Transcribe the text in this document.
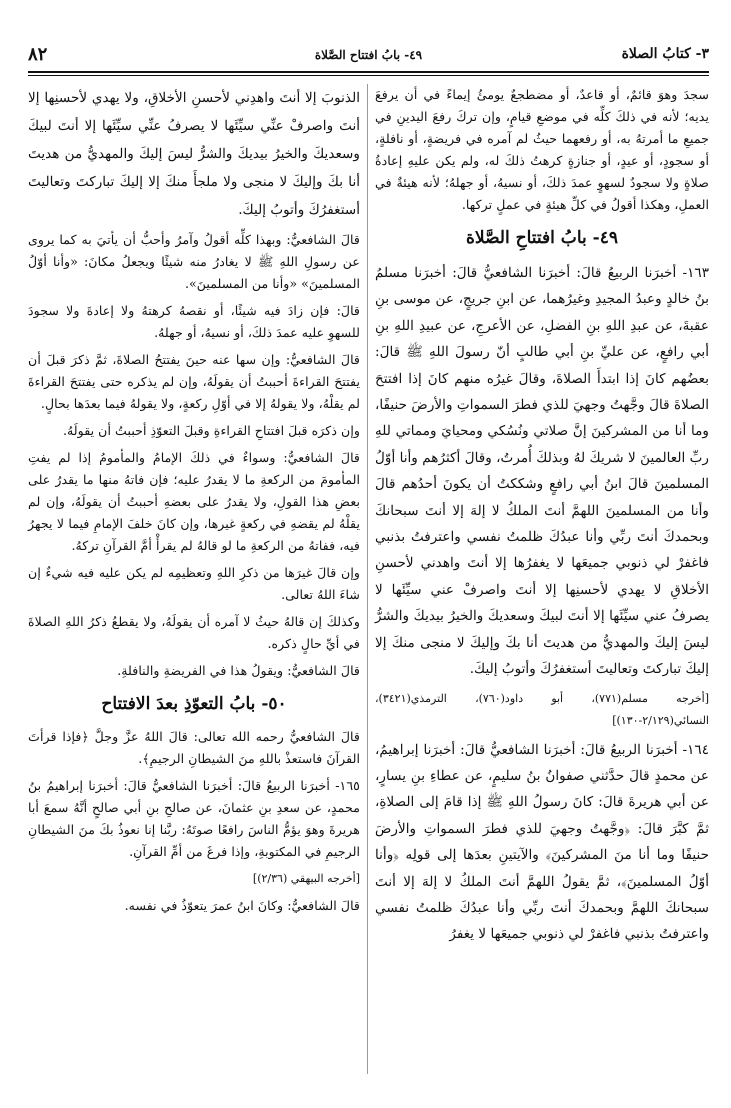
٣- كتابُ الصلاة
٤٩- بابُ افتتاح الصَّلاة
٨٢

سجدَ وهوَ قائمٌ، أو قاعدٌ، أو مضطجعٌ يومئُ إيماءً في أن يرفعَ يديه؛ لأنه في ذلكَ كلِّه في موضعِ قيامٍ، وإن تركَ رفعَ اليدينِ في جميعِ ما أمرتهُ به، أو رفعهما حيثُ لم آمره في فريضةٍ، أو نافلةٍ، أو سجودٍ، أو عيدٍ، أو جنازةٍ كرهتُ ذلكَ له، ولم يكن عليهِ إعادةُ صلاةٍ ولا سجودٌ لسهوٍ عمدَ ذلكَ، أو نسيهُ، أو جهلهُ؛ لأنه هيئةٌ في العملِ، وهكذا أقولُ في كلِّ هيئةٍ في عملٍ تركها.

٤٩- بابُ افتتاحِ الصَّلاة

١٦٣- أخبرَنا الربيعُ قالَ: أخبرَنا الشافعيُّ قالَ: أخبرَنا مسلمُ بنُ خالدٍ وعبدُ المجيدِ وغيرُهما، عن ابنِ جريجٍ، عن موسى بنِ عقبةَ، عن عبدِ اللهِ بنِ الفضلِ، عن الأعرجِ، عن عبيدِ اللهِ بنِ أبي رافعٍ، عن عليِّ بنِ أبي طالبٍ أنّ رسولَ اللهِ ﷺ قالَ: بعضُهم كانَ إذا ابتدأَ الصلاةَ، وقالَ غيرُه منهم كانَ إذا افتتحَ الصلاةَ قالَ وجَّهتُ وجهيَ للذي فطرَ السمواتِ والأرضَ حنيفًا، وما أنا من المشركينَ إنَّ صلاتي ونُسُكي ومحيايَ ومماتي للهِ ربِّ العالمينَ لا شريكَ لهُ وبذلكَ أُمرتُ، وقالَ أكثرُهم وأنا أوّلُ المسلمينَ قالَ ابنُ أبي رافعٍ وشككتُ أن يكونَ أحدُهم قالَ وأنا من المسلمينَ اللهمَّ أنتَ الملكُ لا إلهَ إلا أنتَ سبحانكَ وبحمدكَ أنتَ ربِّي وأنا عبدُكَ ظلمتُ نفسي واعترفتُ بذنبي فاغفرْ لي ذنوبي جميعَها لا يغفرُها إلا أنتَ واهدني لأحسنِ الأخلاقِ لا يهدي لأحسنِها إلا أنتَ واصرفْ عني سيِّئَها لا يصرفُ عني سيِّئَها إلا أنتَ لبيكَ وسعديكَ والخيرُ بيديكَ والشرُّ ليسَ إليكَ والمهديُّ من هديتَ أنا بكَ وإليكَ لا منجى منكَ إلا إليكَ تباركتَ وتعاليتَ أستغفرُكَ وأتوبُ إليكَ.

[أخرجه مسلم(٧٧١)، أبو داود(٧٦٠)، الترمذي(٣٤٢١)، النسائي(٢/١٢٩-١٣٠)]

١٦٤- أخبرَنا الربيعُ قالَ: أخبرَنا الشافعيُّ قالَ: أخبرَنا إبراهيمُ، عن محمدٍ قالَ حدَّثني صفوانُ بنُ سليمٍ، عن عطاءِ بنِ يسارٍ، عن أبي هريرةَ قالَ: كانَ رسولُ اللهِ ﷺ إذا قامَ إلى الصلاةِ، ثمَّ كبَّرَ قالَ: ﴿وجَّهتُ وجهيَ للذي فطرَ السمواتِ والأرضَ حنيفًا وما أنا منَ المشركينَ﴾ والآيتينِ بعدَها إلى قولِه ﴿وأنا أوّلُ المسلمينَ﴾، ثمَّ يقولُ اللهمَّ أنتَ الملكُ لا إلهَ إلا أنتَ سبحانكَ اللهمَّ وبحمدكَ أنتَ ربِّي وأنا عبدُكَ ظلمتُ نفسي واعترفتُ بذنبي فاغفرْ لي ذنوبي جميعَها لا يغفرُ

الذنوبَ إلا أنتَ واهدِني لأحسنِ الأخلاقِ، ولا يهدي لأحسنِها إلا أنتَ واصرفْ عنِّي سيِّئَها لا يصرفُ عنِّي سيِّئَها إلا أنتَ لبيكَ وسعديكَ والخيرُ بيديكَ والشرُّ ليسَ إليكَ والمهديُّ من هديتَ أنا بكَ وإليكَ لا منجى ولا ملجأَ منكَ إلا إليكَ تباركتَ وتعاليتَ أستغفرُكَ وأتوبُ إليكَ.

قالَ الشافعيُّ: وبهذا كلِّه أقولُ وآمرُ وأحبُّ أن يأتيَ به كما يروى عن رسولِ اللهِ ﷺ لا يغادرُ منه شيئًا ويجعلُ مكانَ: «وأنا أوّلُ المسلمينَ» «وأنا من المسلمينَ».

قالَ: فإن زادَ فيه شيئًا، أو نقصهُ كرهتهُ ولا إعادةَ ولا سجودَ للسهوِ عليه عمدَ ذلكَ، أو نسيهُ، أو جهلهُ.

قالَ الشافعيُّ: وإن سها عنه حينَ يفتتحُ الصلاةَ، ثمَّ ذكرَ قبلَ أن يفتتحَ القراءةَ أحببتُ أن يقولَهُ، وإن لم يذكره حتى يفتتحَ القراءةَ لم يقلْهُ، ولا يقولهُ إلا في أوّلِ ركعةٍ، ولا يقولهُ فيما بعدَها بحالٍ.

وإن ذكرَه قبلَ افتتاحِ القراءةِ وقبلَ التعوّذِ أحببتُ أن يقولَهُ.

قالَ الشافعيُّ: وسواءٌ في ذلكَ الإمامُ والمأمومُ إذا لم يفتِ المأمومَ من الركعةِ ما لا يقدرُ عليه؛ فإن فاتهُ منها ما يقدرُ على بعضِ هذا القولِ، ولا يقدرُ على بعضهِ أحببتُ أن يقولَهُ، وإن لم يقلْهُ لم يقضهِ في ركعةٍ غيرها، وإن كانَ خلفَ الإمامِ فيما لا يجهرُ فيه، ففاتهُ من الركعةِ ما لو قالهُ لم يقرأْ أمَّ القرآنِ تركهُ.

وإن قالَ غيرَها من ذكرِ اللهِ وتعظيمِه لم يكن عليه فيه شيءٌ إن شاءَ اللهُ تعالى.

وكذلكَ إن قالهُ حيثُ لا آمره أن يقولَهُ، ولا يقطعُ ذكرُ اللهِ الصلاةَ في أيِّ حالٍ ذكره.

قالَ الشافعيُّ: ويقولُ هذا في الفريضةِ والنافلةِ.

٥٠- بابُ التعوّذِ بعدَ الافتتاح

قالَ الشافعيُّ رحمه الله تعالى: قالَ اللهُ عزَّ وجلَّ ﴿فإذا قرأتَ القرآنَ فاستعذْ باللهِ منَ الشيطانِ الرجيمِ﴾.

١٦٥- أخبرَنا الربيعُ قالَ: أخبرَنا الشافعيُّ قالَ: أخبرَنا إبراهيمُ بنُ محمدٍ، عن سعدِ بنِ عثمانَ، عن صالحِ بنِ أبي صالحٍ أنَّهُ سمعَ أبا هريرةَ وهوَ يؤمُّ الناسَ رافعًا صوتَهُ: ربَّنا إنا نعوذُ بكَ منَ الشيطانِ الرجيمِ في المكتوبةِ، وإذا فرغَ من أمِّ القرآنِ.

[أخرجه البيهقي (٢/٣٦)]

قالَ الشافعيُّ: وكانَ ابنُ عمرَ يتعوّذُ في نفسه.
